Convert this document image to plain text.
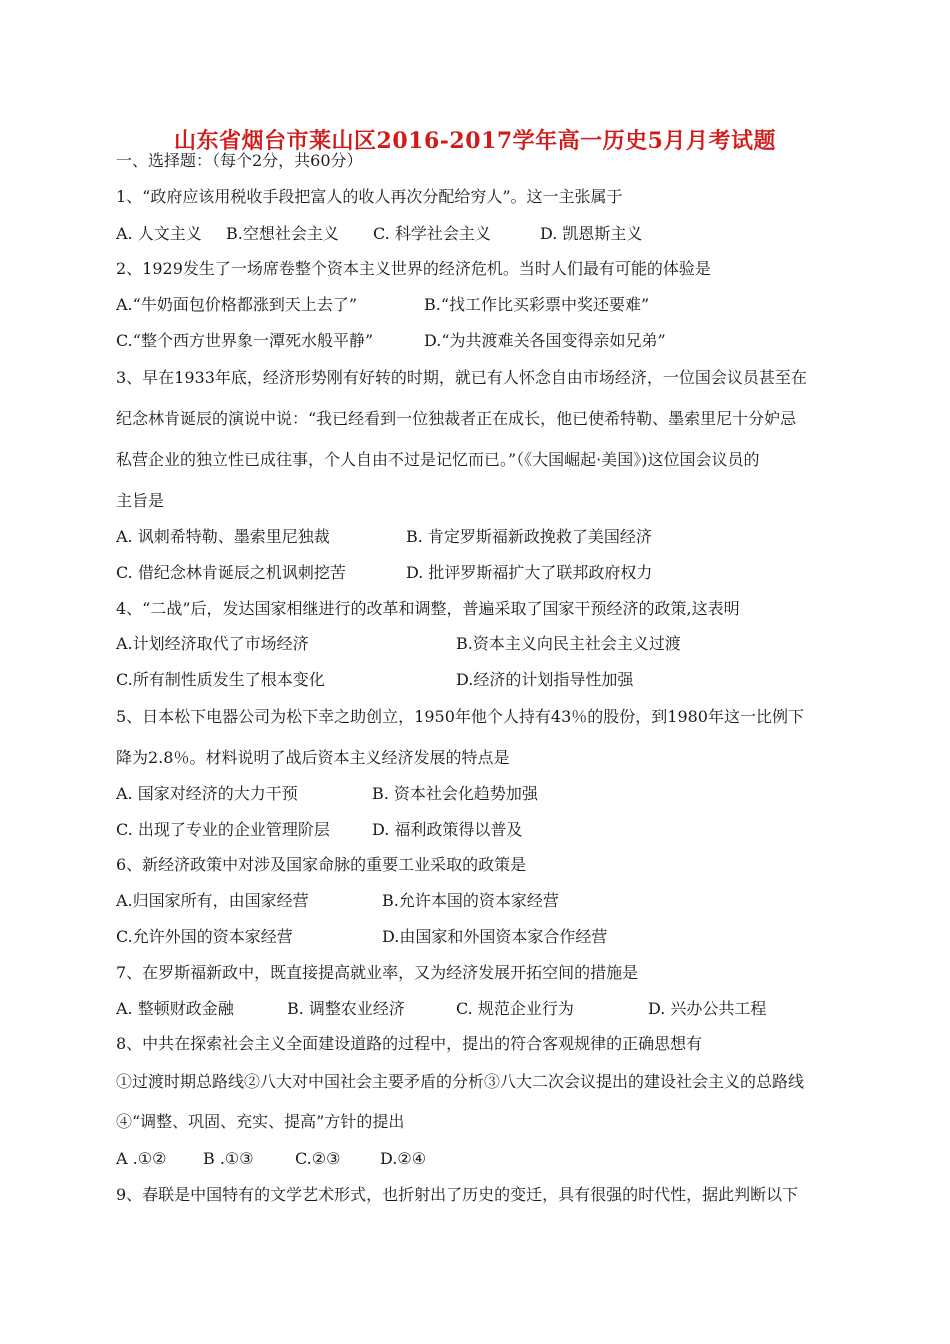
山东省烟台市莱山区2016-2017学年高一历史5月月考试题
一、选择题：（每个2分，共60分）
1、“政府应该用税收手段把富人的收人再次分配给穷人”。这一主张属于
A. 人文主义 B.空想社会主义 C. 科学社会主义	D. 凯恩斯主义
2、1929发生了一场席卷整个资本主义世界的经济危机。当时人们最有可能的体验是
A.“牛奶面包价格都涨到天上去了”	B.“找工作比买彩票中奖还要难”
C.“整个西方世界象一潭死水般平静”	D.“为共渡难关各国变得亲如兄弟”
3、早在1933年底，经济形势刚有好转的时期，就已有人怀念自由市场经济，一位国会议员甚至在
纪念林肯诞辰的演说中说：“我已经看到一位独裁者正在成长，他已使希特勒、墨索里尼十分妒忌
私营企业的独立性已成往事，个人自由不过是记忆而已。”（《大国崛起·美国》)这位国会议员的
主旨是
A. 讽刺希特勒、墨索里尼独裁	B. 肯定罗斯福新政挽救了美国经济
C. 借纪念林肯诞辰之机讽刺挖苦	D. 批评罗斯福扩大了联邦政府权力
4、“二战”后，发达国家相继进行的改革和调整，普遍采取了国家干预经济的政策,这表明
A.计划经济取代了市场经济	B.资本主义向民主社会主义过渡
C.所有制性质发生了根本变化	D.经济的计划指导性加强
5、日本松下电器公司为松下幸之助创立，1950年他个人持有43％的股份，到1980年这一比例下
降为2.8％。材料说明了战后资本主义经济发展的特点是
A. 国家对经济的大力干预	B. 资本社会化趋势加强
C. 出现了专业的企业管理阶层	D. 福利政策得以普及
6、新经济政策中对涉及国家命脉的重要工业采取的政策是
A.归国家所有，由国家经营	B.允许本国的资本家经营
C.允许外国的资本家经营	D.由国家和外国资本家合作经营
7、在罗斯福新政中，既直接提高就业率，又为经济发展开拓空间的措施是
A. 整顿财政金融	B. 调整农业经济	C. 规范企业行为	D. 兴办公共工程
8、中共在探索社会主义全面建设道路的过程中，提出的符合客观规律的正确思想有
①过渡时期总路线②八大对中国社会主要矛盾的分析③八大二次会议提出的建设社会主义的总路线
④“调整、巩固、充实、提高”方针的提出
A .①② B .①③	C.②③ D.②④
9、春联是中国特有的文学艺术形式，也折射出了历史的变迁，具有很强的时代性，据此判断以下
